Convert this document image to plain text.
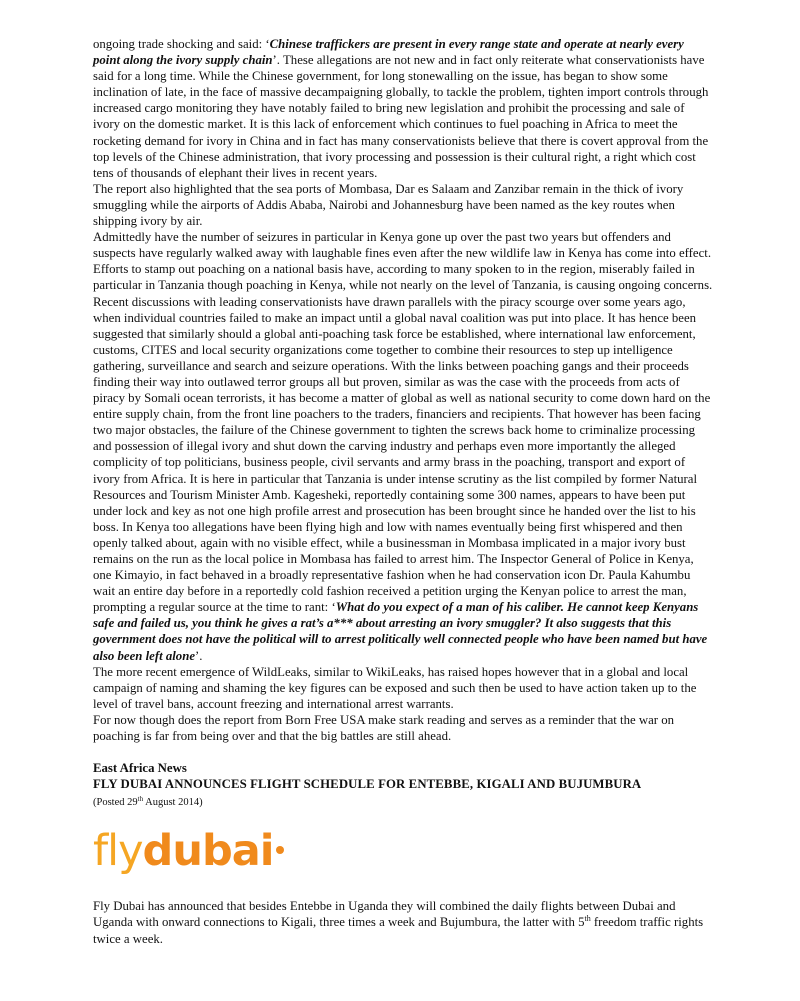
ongoing trade shocking and said: ‘Chinese traffickers are present in every range state and operate at nearly every point along the ivory supply chain’. These allegations are not new and in fact only reiterate what conservationists have said for a long time. While the Chinese government, for long stonewalling on the issue, has began to show some inclination of late, in the face of massive decampaigning globally, to tackle the problem, tighten import controls through increased cargo monitoring they have notably failed to bring new legislation and prohibit the processing and sale of ivory on the domestic market. It is this lack of enforcement which continues to fuel poaching in Africa to meet the rocketing demand for ivory in China and in fact has many conservationists believe that there is covert approval from the top levels of the Chinese administration, that ivory processing and possession is their cultural right, a right which cost tens of thousands of elephant their lives in recent years.

The report also highlighted that the sea ports of Mombasa, Dar es Salaam and Zanzibar remain in the thick of ivory smuggling while the airports of Addis Ababa, Nairobi and Johannesburg have been named as the key routes when shipping ivory by air.

Admittedly have the number of seizures in particular in Kenya gone up over the past two years but offenders and suspects have regularly walked away with laughable fines even after the new wildlife law in Kenya has come into effect.

Efforts to stamp out poaching on a national basis have, according to many spoken to in the region, miserably failed in particular in Tanzania though poaching in Kenya, while not nearly on the level of Tanzania, is causing ongoing concerns. Recent discussions with leading conservationists have drawn parallels with the piracy scourge over some years ago, when individual countries failed to make an impact until a global naval coalition was put into place. It has hence been suggested that similarly should a global anti-poaching task force be established, where international law enforcement, customs, CITES and local security organizations come together to combine their resources to step up intelligence gathering, surveillance and search and seizure operations. With the links between poaching gangs and their proceeds finding their way into outlawed terror groups all but proven, similar as was the case with the proceeds from acts of piracy by Somali ocean terrorists, it has become a matter of global as well as national security to come down hard on the entire supply chain, from the front line poachers to the traders, financiers and recipients. That however has been facing two major obstacles, the failure of the Chinese government to tighten the screws back home to criminalize processing and possession of illegal ivory and shut down the carving industry and perhaps even more importantly the alleged complicity of top politicians, business people, civil servants and army brass in the poaching, transport and export of ivory from Africa. It is here in particular that Tanzania is under intense scrutiny as the list compiled by former Natural Resources and Tourism Minister Amb. Kagesheki, reportedly containing some 300 names, appears to have been put under lock and key as not one high profile arrest and prosecution has been brought since he handed over the list to his boss. In Kenya too allegations have been flying high and low with names eventually being first whispered and then openly talked about, again with no visible effect, while a businessman in Mombasa implicated in a major ivory bust remains on the run as the local police in Mombasa has failed to arrest him. The Inspector General of Police in Kenya, one Kimayio, in fact behaved in a broadly representative fashion when he had conservation icon Dr. Paula Kahumbu wait an entire day before in a reportedly cold fashion received a petition urging the Kenyan police to arrest the man, prompting a regular source at the time to rant: ‘What do you expect of a man of his caliber. He cannot keep Kenyans safe and failed us, you think he gives a rat’s a*** about arresting an ivory smuggler? It also suggests that this government does not have the political will to arrest politically well connected people who have been named but have also been left alone’.

The more recent emergence of WildLeaks, similar to WikiLeaks, has raised hopes however that in a global and local campaign of naming and shaming the key figures can be exposed and such then be used to have action taken up to the level of travel bans, account freezing and international arrest warrants.

For now though does the report from Born Free USA make stark reading and serves as a reminder that the war on poaching is far from being over and that the big battles are still ahead.

East Africa News

FLY DUBAI ANNOUNCES FLIGHT SCHEDULE FOR ENTEBBE, KIGALI AND BUJUMBURA

(Posted 29th August 2014)

fly dubai

Fly Dubai has announced that besides Entebbe in Uganda they will combined the daily flights between Dubai and Uganda with onward connections to Kigali, three times a week and Bujumbura, the latter with 5th freedom traffic rights twice a week.
